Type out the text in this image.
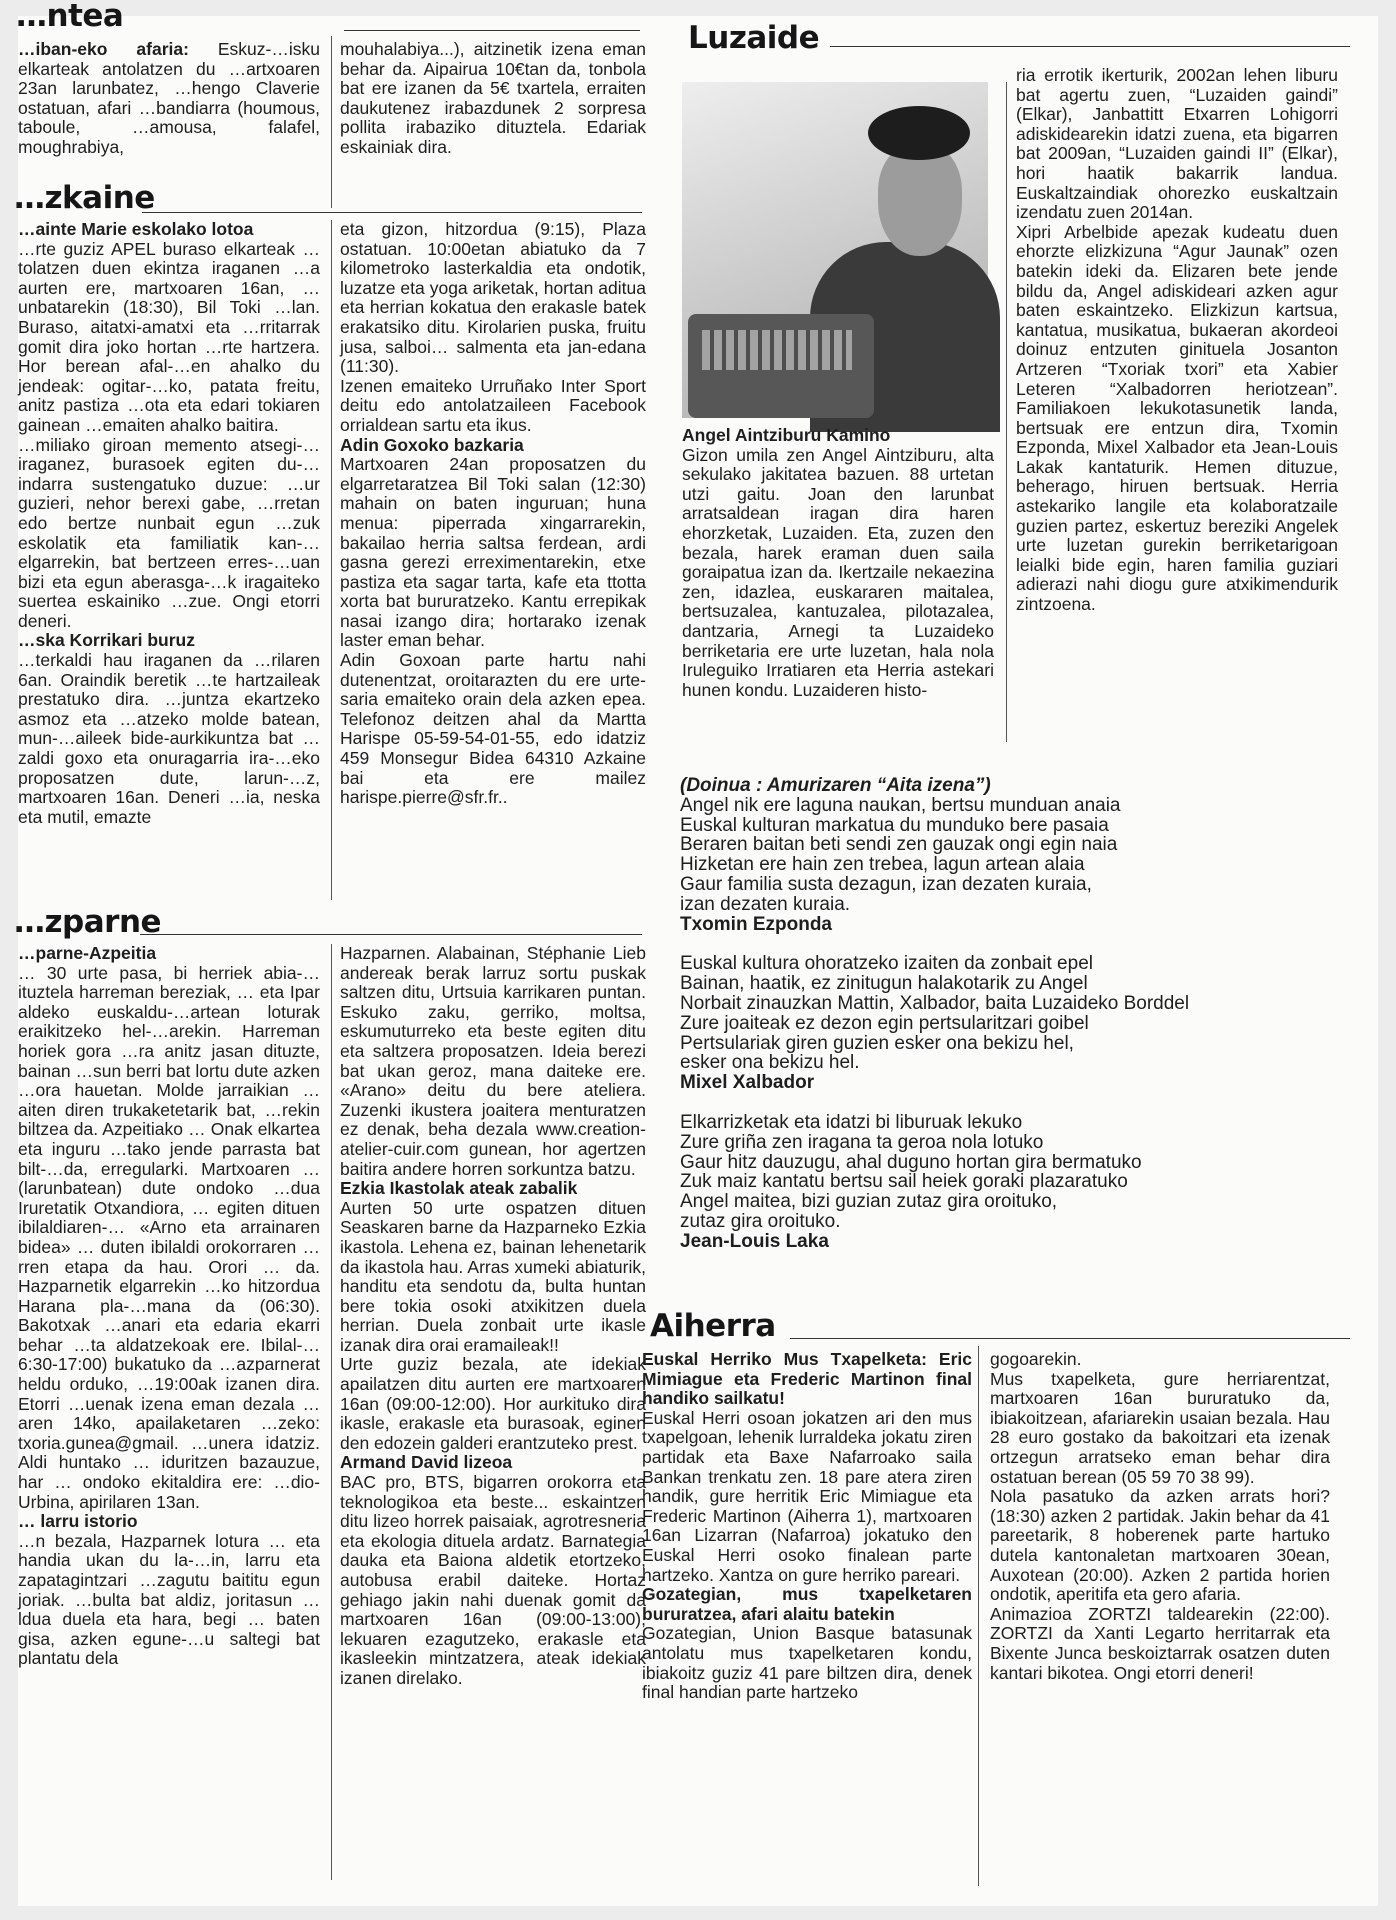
…ntea
…zkaine
…zparne
Luzaide
Aiherra

…iban-eko afaria: Eskuz-…isku elkarteak antolatzen du …artxoaren 23an larunbatez, …hengo Claverie ostatuan, afari …bandiarra (houmous, taboule, …amousa, falafel, moughrabiya,

mouhalabiya...), aitzinetik izena eman behar da. Aipairua 10€tan da, tonbola bat ere izanen da 5€ txartela, erraiten daukutenez irabazdunek 2 sorpresa pollita irabaziko dituztela. Edariak eskainiak dira.

…ainte Marie eskolako lotoa

…rte guziz APEL buraso elkarteak …tolatzen duen ekintza iraganen …a aurten ere, martxoaren 16an, …unbatarekin (18:30), Bil Toki …lan. Buraso, aitatxi-amatxi eta …rritarrak gomit dira joko hortan …rte hartzera. Hor berean afal-…en ahalko du jendeak: ogitar-…ko, patata freitu, anitz pastiza …ota eta edari tokiaren gainean …emaiten ahalko baitira.

…miliako giroan memento atsegi-… iraganez, burasoek egiten du-… indarra sustengatuko duzue: …ur guzieri, nehor berexi gabe, …rretan edo bertze nunbait egun …zuk eskolatik eta familiatik kan-… elgarrekin, bat bertzeen erres-…uan bizi eta egun aberasga-…k iragaiteko suertea eskainiko …zue. Ongi etorri deneri.

…ska Korrikari buruz

…terkaldi hau iraganen da …rilaren 6an. Oraindik beretik …te hartzaileak prestatuko dira. …juntza ekartzeko asmoz eta …atzeko molde batean, mun-…aileek bide-aurkikuntza bat …zaldi goxo eta onuragarria ira-…eko proposatzen dute, larun-…z, martxoaren 16an. Deneri …ia, neska eta mutil, emazte

eta gizon, hitzordua (9:15), Plaza ostatuan. 10:00etan abiatuko da 7 kilometroko lasterkaldia eta ondotik, luzatze eta yoga ariketak, hortan aditua eta herrian kokatua den erakasle batek erakatsiko ditu. Kirolarien puska, fruitu jusa, salboi… salmenta eta jan-edana (11:30).

Izenen emaiteko Urruñako Inter Sport deitu edo antolatzaileen Facebook orrialdean sartu eta ikus.

Adin Goxoko bazkaria

Martxoaren 24an proposatzen du elgarretaratzea Bil Toki salan (12:30) mahain on baten inguruan; huna menua: piperrada xingarrarekin, bakailao herria saltsa ferdean, ardi gasna gerezi erreximentarekin, etxe pastiza eta sagar tarta, kafe eta ttotta xorta bat bururatzeko. Kantu errepikak nasai izango dira; hortarako izenak laster eman behar.

Adin Goxoan parte hartu nahi dutenentzat, oroitarazten du ere urte-saria emaiteko orain dela azken epea. Telefonoz deitzen ahal da Martta Harispe 05-59-54-01-55, edo idatziz 459 Monsegur Bidea 64310 Azkaine bai eta ere mailez harispe.pierre@sfr.fr..

…parne-Azpeitia

… 30 urte pasa, bi herriek abia-…ituztela harreman bereziak, … eta Ipar aldeko euskaldu-…artean loturak eraikitzeko hel-…arekin. Harreman horiek gora …ra anitz jasan dituzte, bainan …sun berri bat lortu dute azken …ora hauetan. Molde jarraikian …aiten diren trukaketetarik bat, …rekin biltzea da. Azpeitiako … Onak elkartea eta inguru …tako jende parrasta bat bilt-…da, erregularki. Martxoaren … (larunbatean) dute ondoko …dua Iruretatik Otxandiora, … egiten dituen ibilaldiaren-… «Arno eta arrainaren bidea» … duten ibilaldi orokorraren …rren etapa da hau. Orori … da. Hazparnetik elgarrekin …ko hitzordua Harana pla-…mana da (06:30). Bakotxak …anari eta edaria ekarri behar …ta aldatzekoak ere. Ibilal-…6:30-17:00) bukatuko da …azparnerat heldu orduko, …19:00ak izanen dira. Etorri …uenak izena eman dezala …aren 14ko, apailaketaren …zeko: txoria.gunea@gmail. …unera idatziz. Aldi huntako … iduritzen bazauzue, har … ondoko ekitaldira ere: …dio-Urbina, apirilaren 13an.

… larru istorio

…n bezala, Hazparnek lotura … eta handia ukan du la-…in, larru eta zapatagintzari …zagutu baititu egun joriak. …bulta bat aldiz, joritasun …ldua duela eta hara, begi … baten gisa, azken egune-…u saltegi bat plantatu dela

Hazparnen. Alabainan, Stéphanie Lieb andereak berak larruz sortu puskak saltzen ditu, Urtsuia karrikaren puntan. Eskuko zaku, gerriko, moltsa, eskumuturreko eta beste egiten ditu eta saltzera proposatzen. Ideia berezi bat ukan geroz, mana daiteke ere. «Arano» deitu du bere ateliera. Zuzenki ikustera joaitera menturatzen ez denak, beha dezala www.creation-atelier-cuir.com gunean, hor agertzen baitira andere horren sorkuntza batzu.

Ezkia Ikastolak ateak zabalik

Aurten 50 urte ospatzen dituen Seaskaren barne da Hazparneko Ezkia ikastola. Lehena ez, bainan lehenetarik da ikastola hau. Arras xumeki abiaturik, handitu eta sendotu da, bulta huntan bere tokia osoki atxikitzen duela herrian. Duela zonbait urte ikasle izanak dira orai eramaileak!!

Urte guziz bezala, ate idekiak apailatzen ditu aurten ere martxoaren 16an (09:00-12:00). Hor aurkituko dira ikasle, erakasle eta burasoak, eginen den edozein galderi erantzuteko prest.

Armand David lizeoa

BAC pro, BTS, bigarren orokorra eta teknologikoa eta beste... eskaintzen ditu lizeo horrek paisaiak, agrotresneria eta ekologia dituela ardatz. Barnategia dauka eta Baiona aldetik etortzeko, autobusa erabil daiteke. Hortaz gehiago jakin nahi duenak gomit da martxoaren 16an (09:00-13:00), lekuaren ezagutzeko, erakasle eta ikasleekin mintzatzera, ateak idekiak izanen direlako.

Angel Aintziburu Kamino

Gizon umila zen Angel Aintziburu, alta sekulako jakitatea bazuen. 88 urtetan utzi gaitu. Joan den larunbat arratsaldean iragan dira haren ehorzketak, Luzaiden. Eta, zuzen den bezala, harek eraman duen saila goraipatua izan da. Ikertzaile nekaezina zen, idazlea, euskararen maitalea, bertsuzalea, kantuzalea, pilotazalea, dantzaria, Arnegi ta Luzaideko berriketaria ere urte luzetan, hala nola Iruleguiko Irratiaren eta Herria astekari hunen kondu. Luzaideren histo-

ria errotik ikerturik, 2002an lehen liburu bat agertu zuen, “Luzaiden gaindi” (Elkar), Janbattitt Etxarren Lohigorri adiskidearekin idatzi zuena, eta bigarren bat 2009an, “Luzaiden gaindi II” (Elkar), hori haatik bakarrik landua. Euskaltzaindiak ohorezko euskaltzain izendatu zuen 2014an.

Xipri Arbelbide apezak kudeatu duen ehorzte elizkizuna “Agur Jaunak” ozen batekin ideki da. Elizaren bete jende bildu da, Angel adiskideari azken agur baten eskaintzeko. Elizkizun kartsua, kantatua, musikatua, bukaeran akordeoi doinuz entzuten ginituela Josanton Artzeren “Txoriak txori” eta Xabier Leteren “Xalbadorren heriotzean”. Familiakoen lekukotasunetik landa, bertsuak ere entzun dira, Txomin Ezponda, Mixel Xalbador eta Jean-Louis Lakak kantaturik. Hemen dituzue, beherago, hiruen bertsuak. Herria astekariko langile eta kolaboratzaile guzien partez, eskertuz bereziki Angelek urte luzetan gurekin berriketarigoan leialki bide egin, haren familia guziari adierazi nahi diogu gure atxikimendurik zintzoena.

(Doinua : Amurizaren “Aita izena”)

Angel nik ere laguna naukan, bertsu munduan anaia

Euskal kulturan markatua du munduko bere pasaia

Beraren baitan beti sendi zen gauzak ongi egin naia

Hizketan ere hain zen trebea, lagun artean alaia

Gaur familia susta dezagun, izan dezaten kuraia,

izan dezaten kuraia.

Txomin Ezponda

Euskal kultura ohoratzeko izaiten da zonbait epel

Bainan, haatik, ez zinitugun halakotarik zu Angel

Norbait zinauzkan Mattin, Xalbador, baita Luzaideko Borddel

Zure joaiteak ez dezon egin pertsularitzari goibel

Pertsulariak giren guzien esker ona bekizu hel,

esker ona bekizu hel.

Mixel Xalbador

Elkarrizketak eta idatzi bi liburuak lekuko

Zure griña zen iragana ta geroa nola lotuko

Gaur hitz dauzugu, ahal duguno hortan gira bermatuko

Zuk maiz kantatu bertsu sail heiek goraki plazaratuko

Angel maitea, bizi guzian zutaz gira oroituko,

zutaz gira oroituko.

Jean-Louis Laka

Euskal Herriko Mus Txapelketa: Eric Mimiague eta Frederic Martinon final handiko sailkatu!

Euskal Herri osoan jokatzen ari den mus txapelgoan, lehenik lurraldeka jokatu ziren partidak eta Baxe Nafarroako saila Bankan trenkatu zen. 18 pare atera ziren handik, gure herritik Eric Mimiague eta Frederic Martinon (Aiherra 1), martxoaren 16an Lizarran (Nafarroa) jokatuko den Euskal Herri osoko finalean parte hartzeko. Xantza on gure herriko pareari.

Gozategian, mus txapelketaren bururatzea, afari alaitu batekin

Gozategian, Union Basque batasunak antolatu mus txapelketaren kondu, ibiakoitz guziz 41 pare biltzen dira, denek final handian parte hartzeko

gogoarekin.

Mus txapelketa, gure herriarentzat, martxoaren 16an bururatuko da, ibiakoitzean, afariarekin usaian bezala. Hau 28 euro gostako da bakoitzari eta izenak ortzegun arratseko eman behar dira ostatuan berean (05 59 70 38 99).

Nola pasatuko da azken arrats hori? (18:30) azken 2 partidak. Jakin behar da 41 pareetarik, 8 hoberenek parte hartuko dutela kantonaletan martxoaren 30ean, Auxotean (20:00). Azken 2 partida horien ondotik, aperitifa eta gero afaria.

Animazioa ZORTZI taldearekin (22:00). ZORTZI da Xanti Legarto herritarrak eta Bixente Junca beskoiztarrak osatzen duten kantari bikotea. Ongi etorri deneri!
